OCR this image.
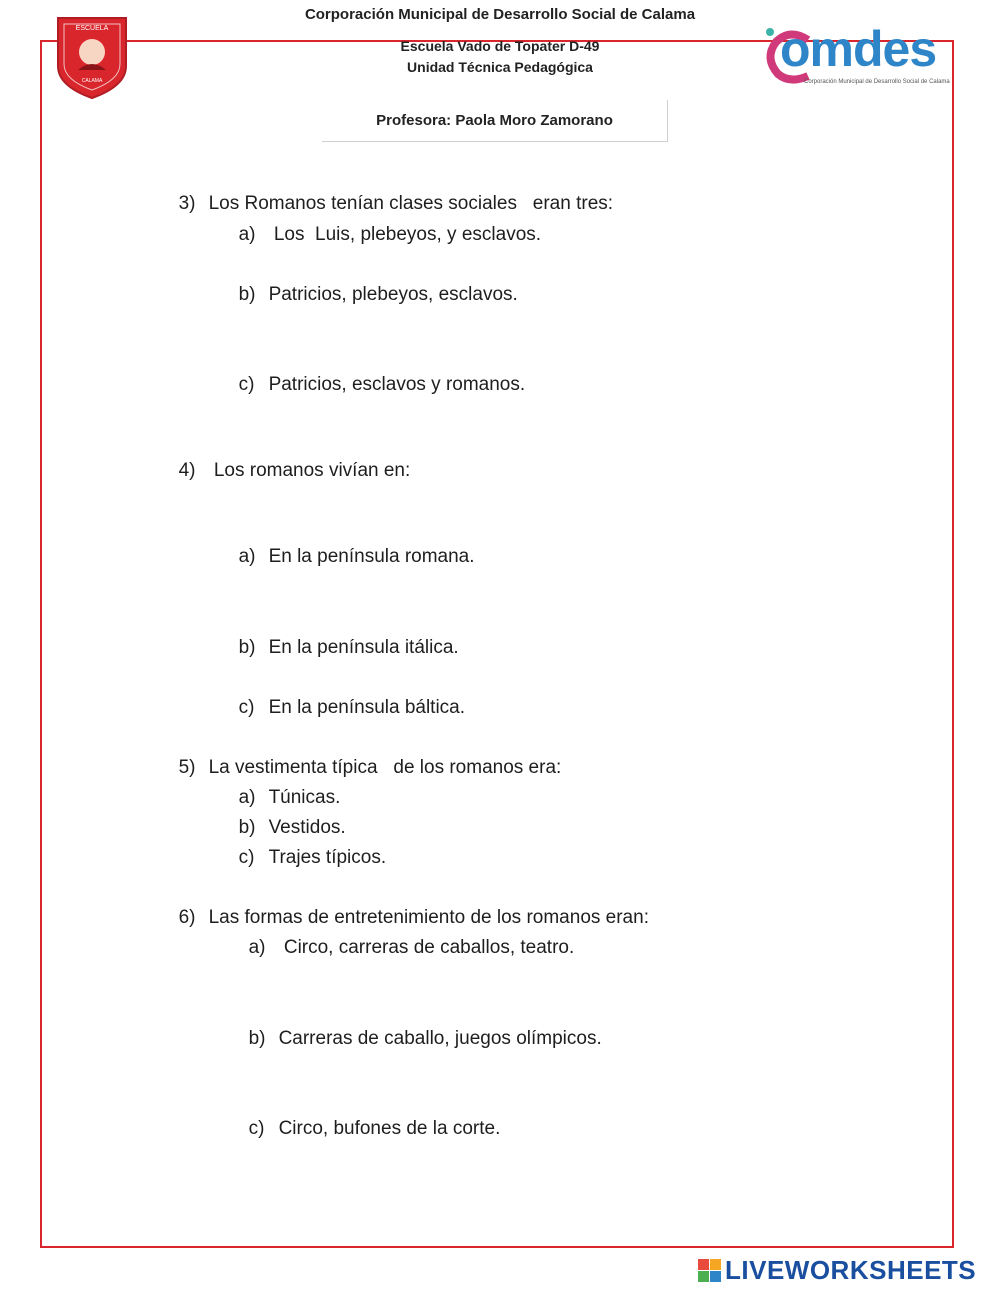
ESCUELA
CALAMA
Corporación Municipal de Desarrollo Social de Calama
Escuela Vado de Topater D-49
Unidad Técnica Pedagógica
Profesora: Paola Moro Zamorano
omdes
Corporación Municipal de Desarrollo Social de Calama

3) Los Romanos tenían clases sociales   eran tres:

a) Los  Luis, plebeyos, y esclavos.

b) Patricios, plebeyos, esclavos.

c) Patricios, esclavos y romanos.

4) Los romanos vivían en:

a) En la península romana.

b) En la península itálica.

c) En la península báltica.

5) La vestimenta típica   de los romanos era:

a) Túnicas.

b) Vestidos.

c) Trajes típicos.

6) Las formas de entretenimiento de los romanos eran:

a) Circo, carreras de caballos, teatro.

b) Carreras de caballo, juegos olímpicos.

c) Circo, bufones de la corte.

LIVEWORKSHEETS
